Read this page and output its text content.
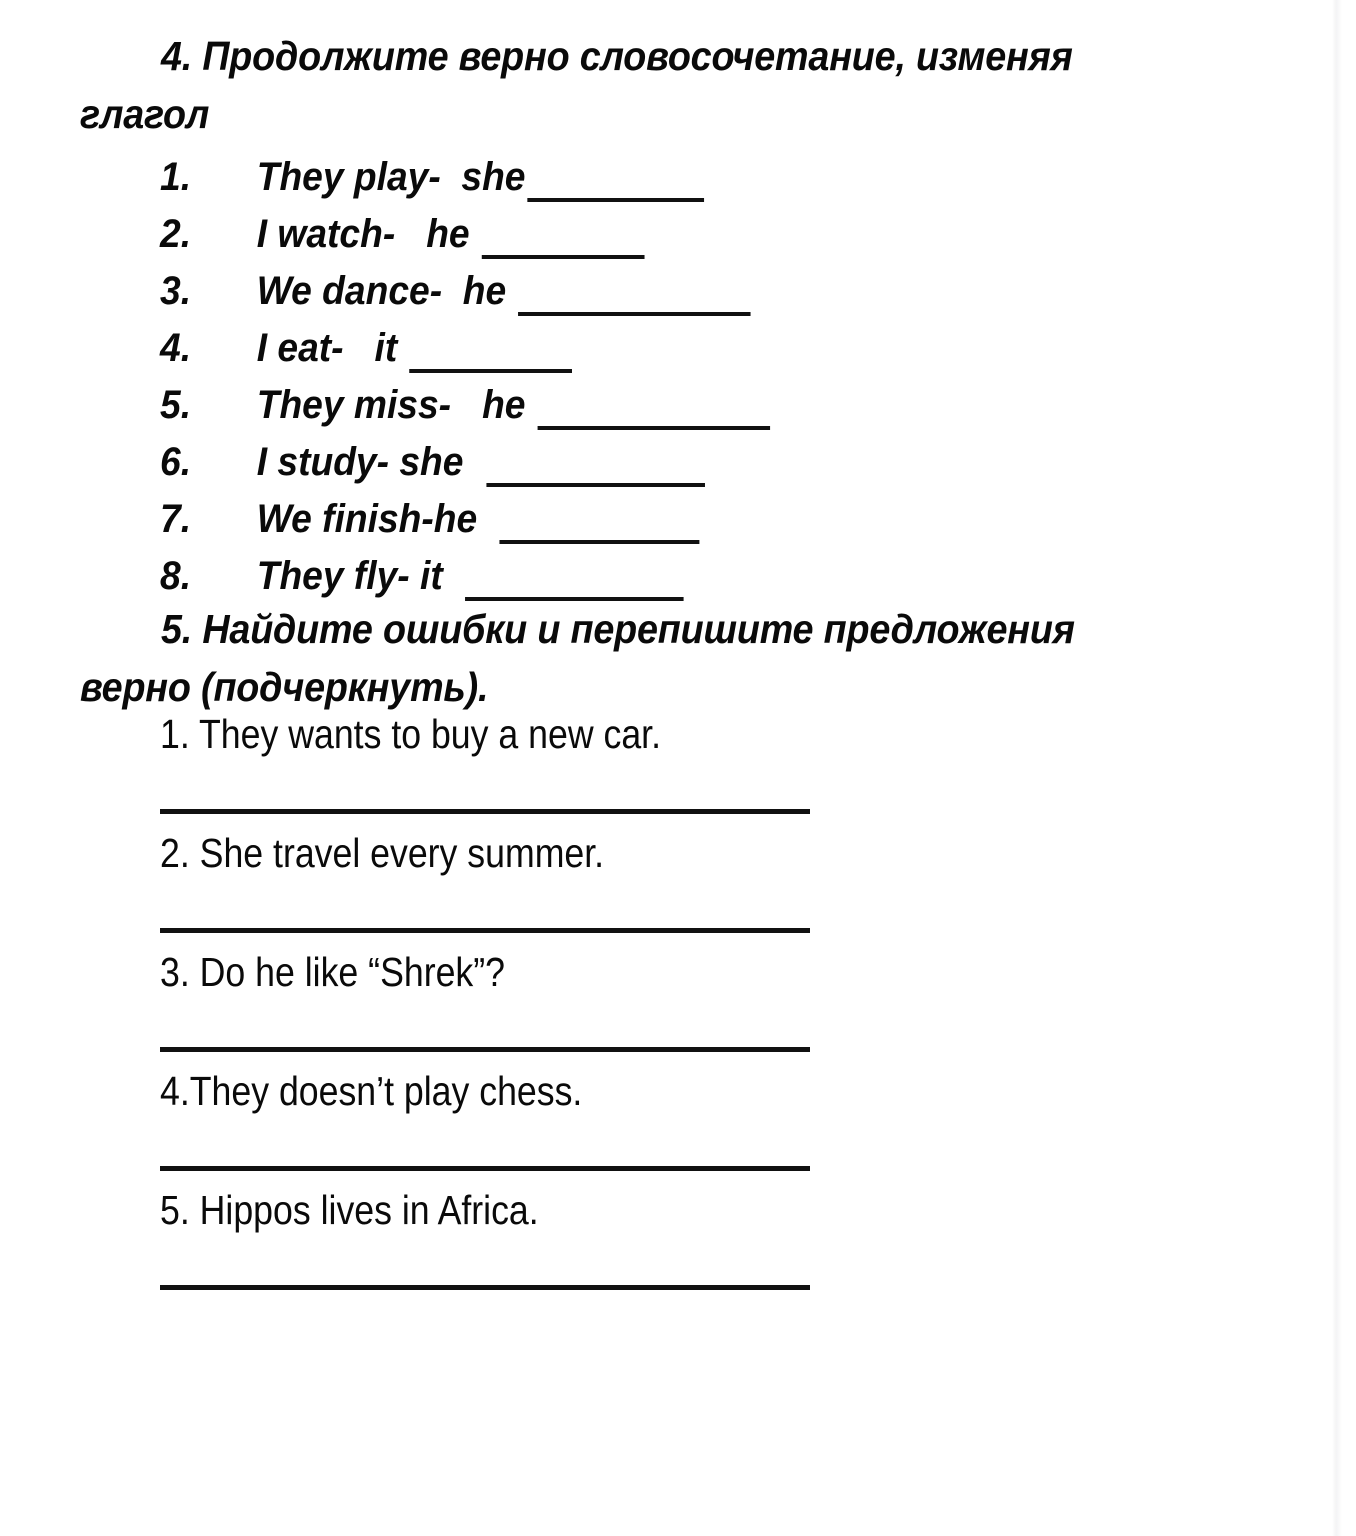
4. Продолжите верно словосочетание, изменяя глагол
1.	They play-  she
2.	I watch-   he
3.	We dance-  he
4.	I eat-   it
5.	They miss-   he
6.	I study- she
7.	We finish-he
8.	They fly- it
5. Найдите ошибки и перепишите предложения верно (подчеркнуть).
1. They wants to buy a new car.
2. She travel every summer.
3. Do he like “Shrek”?
4.They doesn’t play chess.
5. Hippos lives in Africa.
